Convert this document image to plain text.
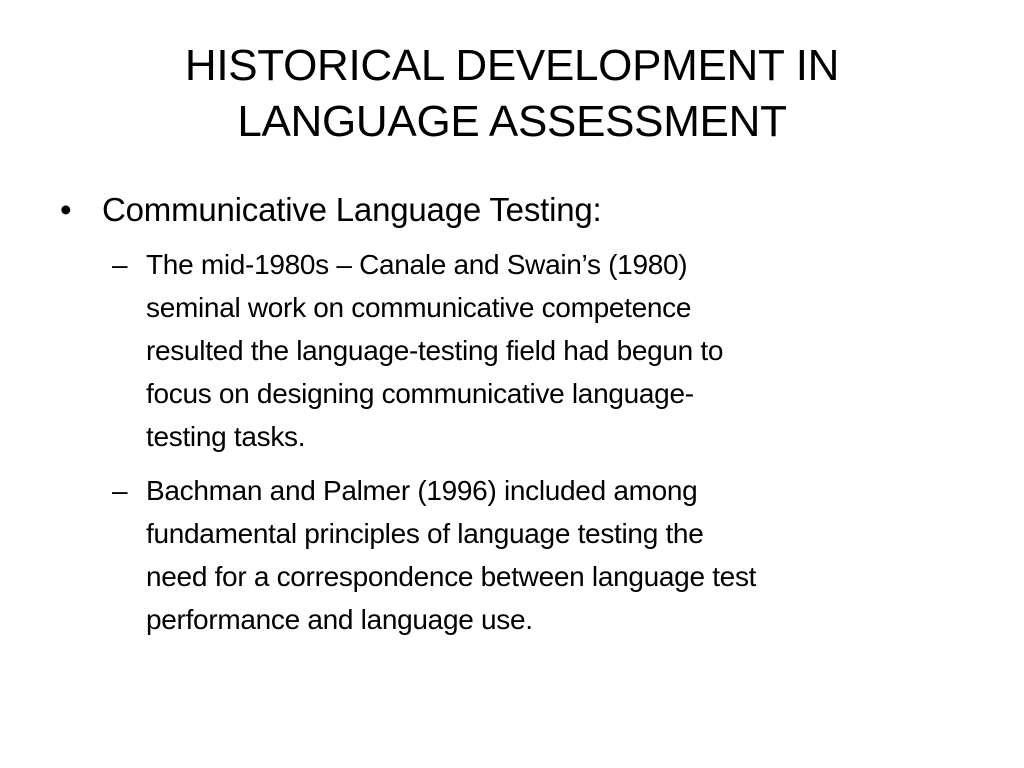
HISTORICAL DEVELOPMENT IN
LANGUAGE ASSESSMENT
• Communicative Language Testing:
– The mid-1980s – Canale and Swain’s (1980)
seminal work on communicative competence
resulted the language-testing field had begun to
focus on designing communicative language-
testing tasks.
– Bachman and Palmer (1996) included among
fundamental principles of language testing the
need for a correspondence between language test
performance and language use.
